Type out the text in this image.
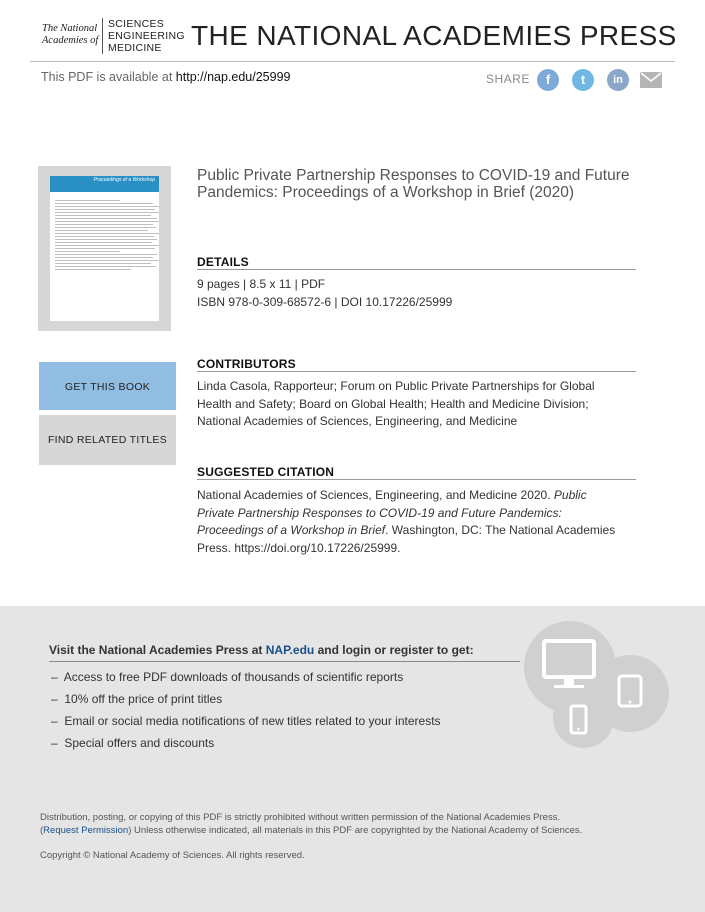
The National
Academies of
SCIENCES
ENGINEERING
MEDICINE	THE NATIONAL ACADEMIES PRESS
This PDF is available at http://nap.edu/25999	SHARE	f	t	in
Proceedings of a Workshop	Public Private Partnership Responses to COVID-19 and Future Pandemics: Proceedings of a Workshop in Brief (2020)
DETAILS
9 pages | 8.5 x 11 | PDF
ISBN 978-0-309-68572-6 | DOI 10.17226/25999
GET THIS BOOK
FIND RELATED TITLES
CONTRIBUTORS
Linda Casola, Rapporteur; Forum on Public Private Partnerships for Global Health and Safety; Board on Global Health; Health and Medicine Division; National Academies of Sciences, Engineering, and Medicine
SUGGESTED CITATION
National Academies of Sciences, Engineering, and Medicine 2020. Public Private Partnership Responses to COVID-19 and Future Pandemics: Proceedings of a Workshop in Brief. Washington, DC: The National Academies Press. https://doi.org/10.17226/25999.
Visit the National Academies Press at NAP.edu and login or register to get:
– Access to free PDF downloads of thousands of scientific reports
– 10% off the price of print titles
– Email or social media notifications of new titles related to your interests
– Special offers and discounts
Distribution, posting, or copying of this PDF is strictly prohibited without written permission of the National Academies Press.
(Request Permission) Unless otherwise indicated, all materials in this PDF are copyrighted by the National Academy of Sciences.
Copyright © National Academy of Sciences. All rights reserved.
